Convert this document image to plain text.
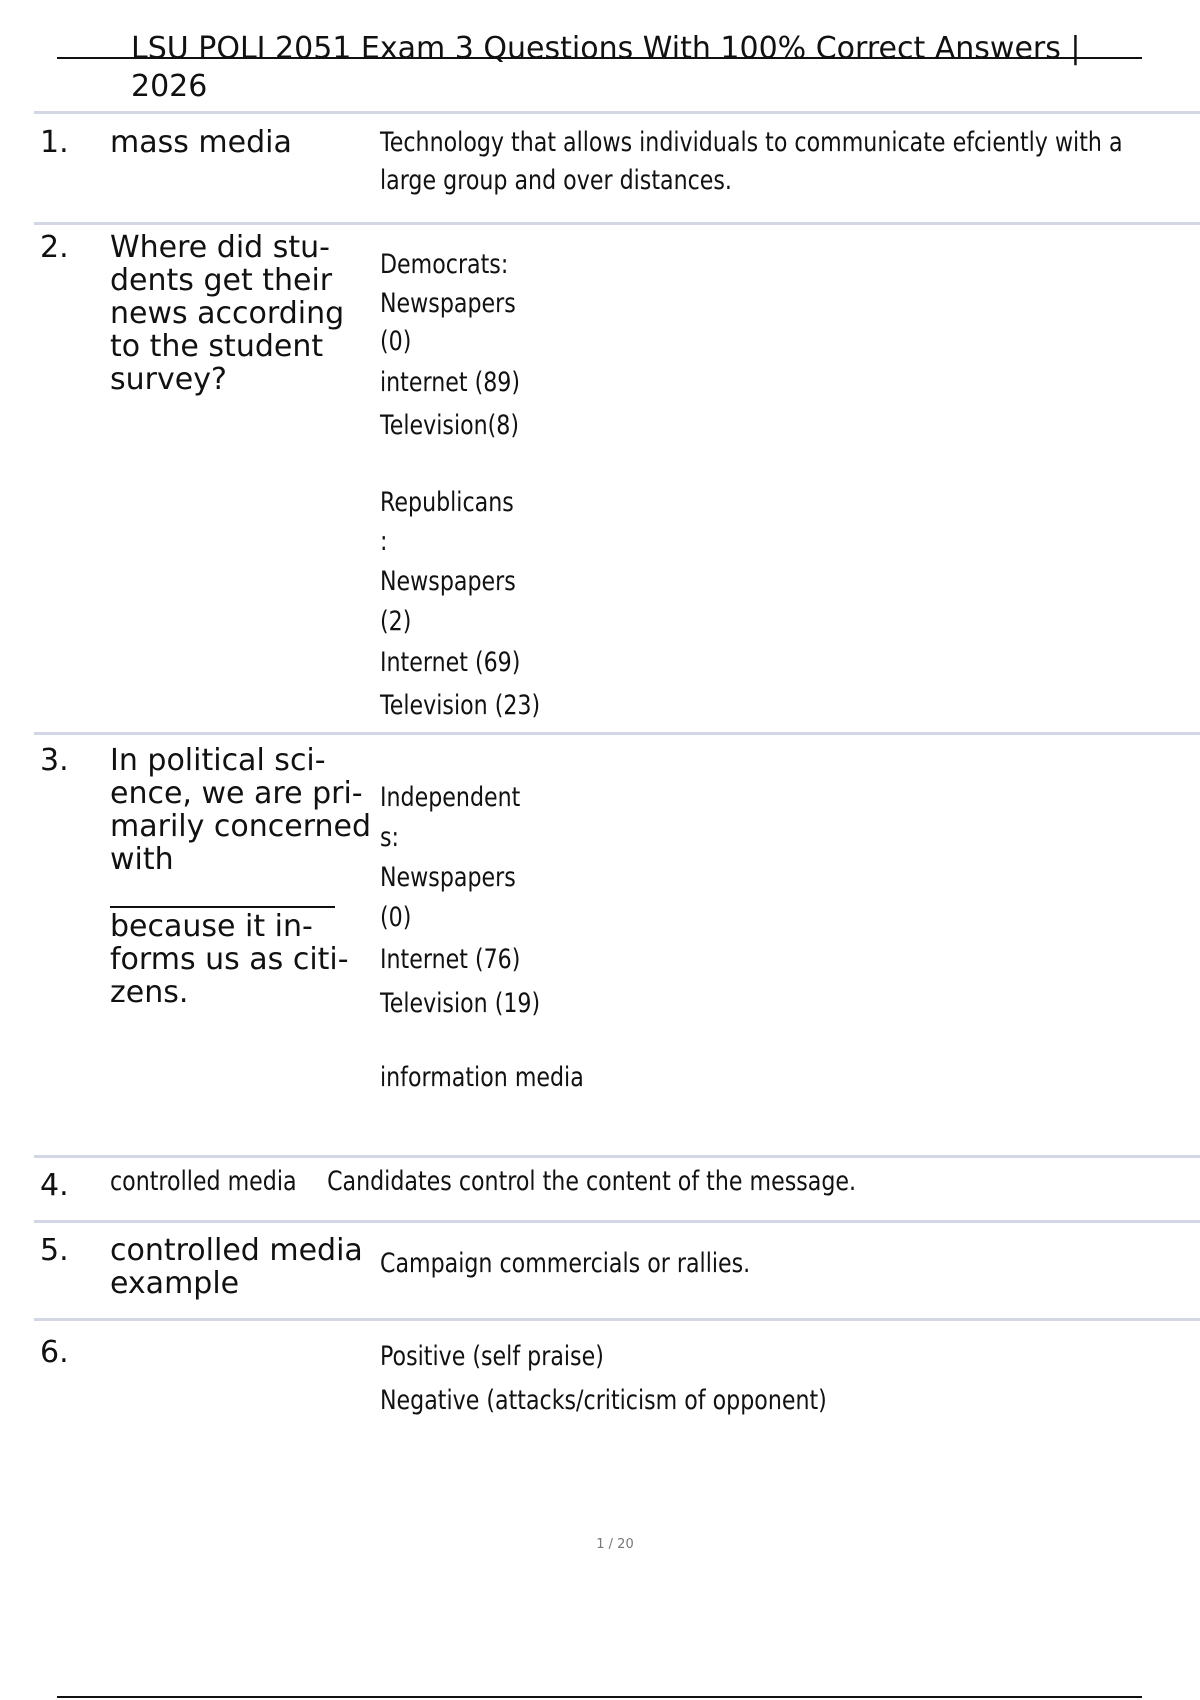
LSU POLI 2051 Exam 3 Questions With 100% Correct Answers | 2026
1. mass media	Technology that allows individuals to communicate efciently with a
large group and over distances.
2. Where did stu- dents get their news according to the student survey?
Democrats:
Newspapers
(0)
internet (89)
Television(8)
Republicans
:
Newspapers
(2)
Internet (69)
Television (23)
3. In political sci- ence, we are pri- marily concerned with
because it in- forms us as citi- zens.
Independent
s:
Newspapers
(0)
Internet (76)
Television (19)
information media
4. controlled media Candidates control the content of the message.
5. controlled media example
Campaign commercials or rallies.
6.	Positive (self praise)
Negative (attacks/criticism of opponent)
1 / 20
